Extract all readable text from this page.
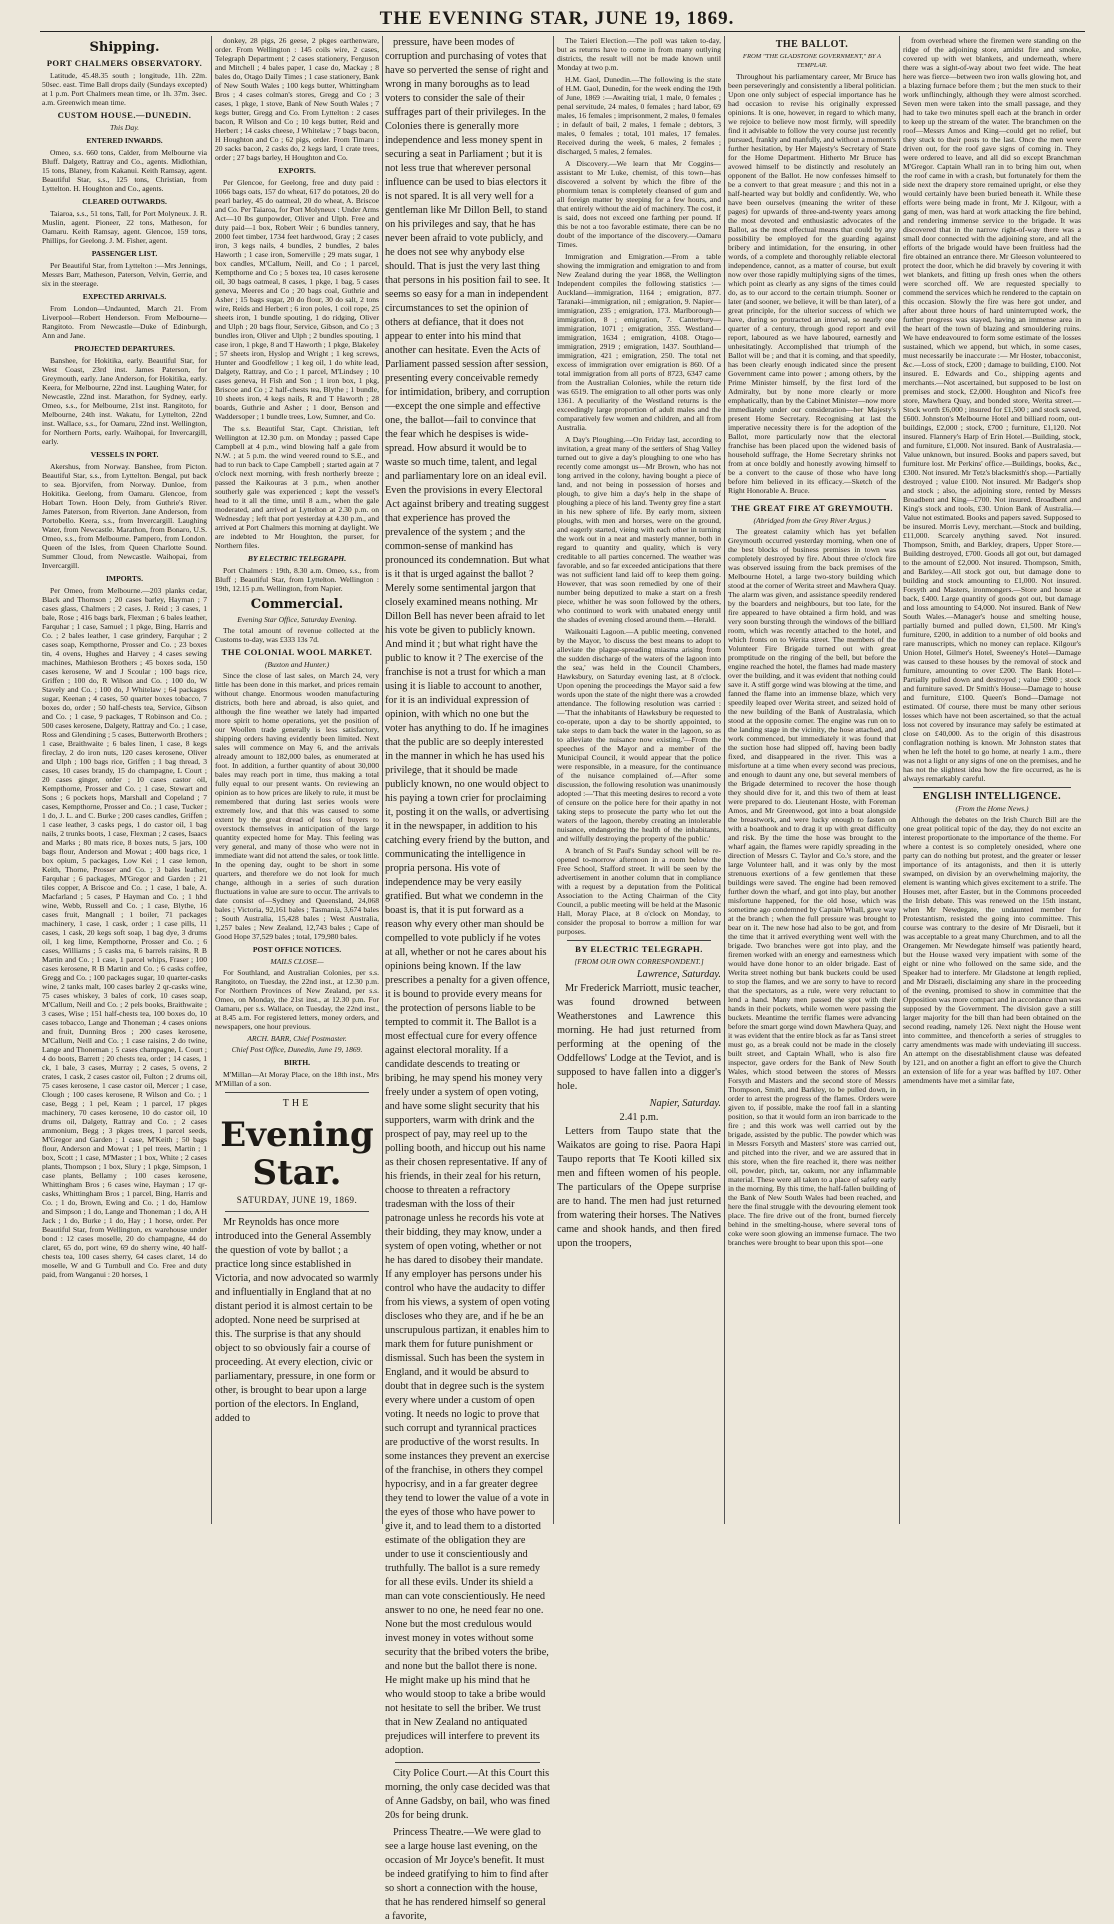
THE EVENING STAR, JUNE 19, 1869.
Shipping.
PORT CHALMERS OBSERVATORY.

Latitude, 45.48.35 south ; longitude, 11h. 22m. 50sec. east. Time Ball drops daily (Sundays excepted) at 1 p.m. Port Chalmers mean time, or 1h. 37m. 3sec. a.m. Greenwich mean time.

CUSTOM HOUSE.—DUNEDIN.
This Day.
ENTERED INWARDS.

Omeo, s.s. 660 tons, Calder, from Melbourne via Bluff. Dalgety, Rattray and Co., agents. Midlothian, 15 tons, Blaney, from Kakanui. Keith Ramsay, agent. Beautiful Star, s.s., 125 tons, Christian, from Lyttelton. H. Houghton and Co., agents.

CLEARED OUTWARDS.

Taiaroa, s.s., 51 tons, Tall, for Port Molyneux. J. R. Muslin, agent. Pioneer, 22 tons, Matheson, for Oamaru. Keith Ramsay, agent. Glencoe, 159 tons, Phillips, for Geelong. J. M. Fisher, agent.

PASSENGER LIST.

Per Beautiful Star, from Lyttelton :—Mrs Jennings, Messrs Barr, Matheson, Paterson, Velvin, Gerrie, and six in the steerage.

EXPECTED ARRIVALS.

From London—Undaunted, March 21. From Liverpool—Robert Henderson. From Melbourne—Rangitoto. From Newcastle—Duke of Edinburgh, Ann and Jane.

PROJECTED DEPARTURES.

Banshee, for Hokitika, early. Beautiful Star, for West Coast, 23rd inst. James Paterson, for Greymouth, early. Jane Anderson, for Hokitika, early. Keera, for Melbourne, 22nd inst. Laughing Water, for Newcastle, 22nd inst. Marathon, for Sydney, early. Omeo, s.s., for Melbourne, 21st inst. Rangitoto, for Melbourne, 24th inst. Wakatu, for Lyttelton, 22nd inst. Wallace, s.s., for Oamaru, 22nd inst. Wellington, for Northern Ports, early. Waihopai, for Invercargill, early.

VESSELS IN PORT.

Akershus, from Norway. Banshee, from Picton. Beautiful Star, s.s., from Lyttelton. Bengal, put back to sea. Bjorvifen, from Norway. Dunloe, from Hokitika. Geelong, from Oamaru. Glencoe, from Hobart Town. Hoon Dely, from Guthrie's River. James Paterson, from Riverton. Jane Anderson, from Portobello. Keera, s.s., from Invercargill. Laughing Water, from Newcastle. Marathon, from Bonaro, U.S. Omeo, s.s., from Melbourne. Pampero, from London. Queen of the Isles, from Queen Charlotte Sound. Summer Cloud, from Newcastle. Waihopai, from Invercargill.

IMPORTS.

Per Omeo, from Melbourne.—203 planks cedar, Black and Thomson ; 20 cases barley, Hayman ; 7 cases glass, Chalmers ; 2 cases, J. Reid ; 3 cases, 1 bale, Rose ; 416 bags bark, Flexman ; 6 bales leather, Farquhar ; 1 case, Samuel ; 1 pkge, Bing, Harris and Co. ; 2 bales leather, 1 case grindery, Farquhar ; 2 cases soap, Kempthorne, Prosser and Co. ; 23 boxes tin, 4 ovens, Hughes and Harvey ; 4 cases sewing machines, Mathieson Brothers ; 45 boxes soda, 150 cases kerosene, W and J Scoular ; 100 bags rice, Griffen ; 100 do, R Wilson and Co. ; 100 do, W Stavely and Co. ; 100 do, J Whitelaw ; 64 packages sugar, Keenan ; 4 cases, 50 quarter boxes tobacco, 7 boxes do, order ; 50 half-chests tea, Service, Gibson and Co. ; 1 case, 9 packages, T Robinson and Co. ; 500 cases kerosene, Dalgety, Rattray and Co. ; 1 case, Ross and Glendining ; 5 cases, Butterworth Brothers ; 1 case, Braithwaite ; 6 bales linen, 1 case, 8 kegs fireclay, 2 do iron nuts, 120 cases kerosene, Oliver and Ulph ; 100 bags rice, Griffen ; 1 bag thread, 3 cases, 10 cases brandy, 15 do champagne, L Court ; 20 cases ginger, order ; 10 cases castor oil, Kempthorne, Prosser and Co. ; 1 case, Stewart and Sons ; 6 pockets hops, Marshall and Copeland ; 7 cases, Kempthorne, Prosser and Co. ; 1 case, Tucker ; 1 do, J. L. and C. Burke ; 200 cases candles, Griffen ; 1 case leather, 3 casks pegs, 1 do castor oil, 1 bag nails, 2 trunks boots, 1 case, Flexman ; 2 cases, Isaacs and Marks ; 80 mats rice, 8 boxes nuts, 5 jars, 100 bags flour, Anderson and Mowat ; 400 bags rice, 1 box opium, 5 packages, Low Kei ; 1 case lemon, Keith, Thorne, Prosser and Co. ; 3 bales leather, Farquhar ; 6 packages, M'Gregor and Garden ; 21 tiles copper, A Briscoe and Co. ; 1 case, 1 bale, A. Macfarland ; 5 cases, P Hayman and Co. ; 1 hhd wine, Webb, Russell and Co. ; 1 case, Blythe, 16 cases fruit, Mangnall ; 1 boiler, 71 packages machinery, 1 case, 1 cask, order ; 1 case pills, 11 cases, 1 cask, 20 kegs soft soap, 1 bag dye, 3 drums oil, 1 keg lime, Kempthorne, Prosser and Co. ; 6 cases, Williams ; 5 casks ma, 6 barrels raisins, R B Martin and Co. ; 1 case, 1 parcel whips, Fraser ; 100 cases kerosene, R B Martin and Co. ; 6 casks coffee, Gregg and Co. ; 100 packages sugar, 10 quarter-casks wine, 2 tanks malt, 100 cases barley 2 qr-casks wine, 75 cases whiskey, 3 bales of cork, 10 cases soap, M'Callum, Neill and Co. ; 2 pels books, Braithwaite ; 3 cases, Wise ; 151 half-chests tea, 100 boxes do, 10 cases tobacco, Lange and Thoneman ; 4 cases onions and fruit, Dunning Bros ; 200 cases kerosene, M'Callum, Neill and Co. ; 1 case raisins, 2 do twine, Lange and Thoneman ; 5 cases champagne, L Court ; 4 do boots, Barrett ; 20 chests tea, order ; 14 cases, 1 ck, 1 bale, 3 cases, Murray ; 2 cases, 5 ovens, 2 crates, 1 cask, 2 cases castor oil, Fulton ; 2 drums oil, 75 cases kerosene, 1 case castor oil, Mercer ; 1 case, Clough ; 100 cases kerosene, R Wilson and Co. ; 1 case, Begg ; 1 pel, Keam ; 1 parcel, 17 pkges machinery, 70 cases kerosene, 10 do castor oil, 10 drums oil, Dalgety, Rattray and Co. ; 2 cases ammonium, Begg ; 3 pkges trees, 1 parcel seeds, M'Gregor and Garden ; 1 case, M'Keith ; 50 bags flour, Anderson and Mowat ; 1 pel trees, Martin ; 1 box, Scott ; 1 case, M'Master ; 1 box, White ; 2 cases plants, Thompson ; 1 box, Slury ; 1 pkge, Simpson, 1 case plants, Bellamy ; 100 cases kerosene, Whittingham Bros ; 6 cases wine, Hayman ; 17 qr-casks, Whittingham Bros ; 1 parcel, Bing, Harris and Co. ; 1 do, Brown, Ewing and Co. ; 1 do, Hamlow and Simpson ; 1 do, Lange and Thoneman ; 1 do, A H Jack ; 1 do, Burke ; 1 do, Hay ; 1 horse, order. Per Beautiful Star, from Wellington, ex warehouse under bond : 12 cases moselle, 20 do champagne, 44 do claret, 65 do, port wine, 69 do sherry wine, 40 half-chests tea, 100 cases sherry, 64 cases claret, 14 do moselle, W and G Turnbull and Co. Free and duty paid, from Wanganui : 20 horses, 1

donkey, 28 pigs, 26 geese, 2 pkges earthenware, order. From Wellington : 145 coils wire, 2 cases, Telegraph Department ; 2 cases stationery, Ferguson and Mitchell ; 4 bales paper, 1 case do, Mackay ; 8 bales do, Otago Daily Times ; 1 case stationery, Bank of New South Wales ; 100 kegs butter, Whittingham Bros ; 4 cases colman's stores, Gregg and Co ; 3 cases, 1 pkge, 1 stove, Bank of New South Wales ; 7 kegs butter, Gregg and Co. From Lyttelton : 2 cases bacon, R Wilson and Co ; 10 kegs butter, Reid and Herbert ; 14 casks cheese, J Whitelaw ; 7 bags bacon, H Houghton and Co ; 62 pigs, order. From Timaru : 20 sacks bacon, 2 casks do, 2 kegs lard, 1 crate trees, order ; 27 bags barley, H Houghton and Co.

EXPORTS.

Per Glencoe, for Geelong, free and duty paid : 1066 bags oats, 157 do wheat, 617 do potatoes, 20 do pearl barley, 45 do oatmeal, 20 do wheat, A. Briscoe and Co. Per Taiaroa, for Port Molyneux : Under Arms Act—10 lbs gunpowder, Oliver and Ulph. Free and duty paid—1 box, Robert Weir ; 6 bundles tannery, 2000 feet timber, 1734 feet hardwood, Gray ; 2 cases iron, 3 kegs nails, 4 bundles, 2 bundles, 2 bales Haworth ; 1 case iron, Somerville ; 29 mats sugar, 1 box candles, M'Callum, Neill, and Co ; 1 parcel, Kempthorne and Co ; 5 boxes tea, 10 cases kerosene oil, 30 bags oatmeal, 8 cases, 1 pkge, 1 bag, 5 cases geneva, Meeres and Co ; 20 bags coal, Guthrie and Asher ; 15 bags sugar, 20 do flour, 30 do salt, 2 tons wire, Reids and Herbert ; 6 iron poles, 1 coil rope, 25 sheets iron, 1 bundle spouting, 1 do ridging, Oliver and Ulph ; 20 bags flour, Service, Gibson, and Co ; 3 bundles iron, Oliver and Ulph ; 2 bundles spouting, 1 case iron, 1 pkge, 8 and T Haworth ; 1 pkge, Blakeley ; 57 sheets iron, Hyslop and Wright ; 1 keg screws, Hunter and Goodfellow ; 1 keg oil, 1 do white lead, Dalgety, Rattray, and Co ; 1 parcel, M'Lindsey ; 10 cases geneva, H Fish and Son ; 1 iron box, 1 pkg, Briscoe and Co ; 2 half-chests tea, Blythe ; 1 bundle, 10 sheets iron, 4 kegs nails, R and T Haworth ; 28 boards, Guthrie and Asher ; 1 door, Benson and Waddersoper ; 1 bundle trees, Low, Sumner, and Co.

The s.s. Beautiful Star, Capt. Christian, left Wellington at 12.30 p.m. on Monday ; passed Cape Campbell at 4 p.m., wind blowing half a gale from N.W. ; at 5 p.m. the wind veered round to S.E., and had to run back to Cape Campbell ; started again at 7 o'clock next morning, with fresh northerly breeze ; passed the Kaikouras at 3 p.m., when another southerly gale was experienced ; kept the vessel's head to it all the time, until 8 a.m., when the gale moderated, and arrived at Lyttelton at 2.30 p.m. on Wednesday ; left that port yesterday at 4.30 p.m., and arrived at Port Chalmers this morning at daylight. We are indebted to Mr Houghton, the purser, for Northern files.

BY ELECTRIC TELEGRAPH.

Port Chalmers : 19th, 8.30 a.m. Omeo, s.s., from Bluff ; Beautiful Star, from Lyttelton. Wellington : 19th, 12.15 p.m. Wellington, from Napier.

Commercial.
Evening Star Office, Saturday Evening.

The total amount of revenue collected at the Customs to-day, was £333 13s 7d.

THE COLONIAL WOOL MARKET.
(Buxton and Hunter.)

Since the close of last sales, on March 24, very little has been done in this market, and prices remain without change. Enormous wooden manufacturing districts, both here and abroad, is also quiet, and although the fine weather we lately had imparted more spirit to home operations, yet the position of our Woollen trade generally is less satisfactory, shipping orders having evidently been limited. Next sales will commence on May 6, and the arrivals already amount to 182,000 bales, as enumerated at foot. In addition, a further quantity of about 30,000 bales may reach port in time, thus making a total fully equal to our present wants. On reviewing an opinion as to how prices are likely to rule, it must be remembered that during last series wools were extremely low, and that this was caused to some extent by the great dread of loss of buyers to overstock themselves in anticipation of the large quantity expected home for May. This feeling was very general, and many of those who were not in immediate want did not attend the sales, or took little. In the opening day, ought to be short in some quarters, and therefore we do not look for much change, although in a series of such duration fluctuations in value are sure to occur. The arrivals to date consist of—Sydney and Queensland, 24,068 bales ; Victoria, 92,161 bales ; Tasmania, 3,674 bales ; South Australia, 15,428 bales ; West Australia, 1,257 bales ; New Zealand, 12,743 bales ; Cape of Good Hope 37,529 bales ; total, 179,980 bales.

POST OFFICE NOTICES.
MAILS CLOSE—

For Southland, and Australian Colonies, per s.s. Rangitoto, on Tuesday, the 22nd inst., at 12.30 p.m. For Northern Provinces of New Zealand, per s.s. Omeo, on Monday, the 21st inst., at 12.30 p.m. For Oamaru, per s.s. Wallace, on Tuesday, the 22nd inst., at 8.45 a.m. For registered letters, money orders, and newspapers, one hour previous.

ARCH. BARR, Chief Postmaster.
Chief Post Office, Dunedin, June 19, 1869.
BIRTH.

M'Millan—At Moray Place, on the 18th inst., Mrs M'Millan of a son.

THE
Evening Star.
SATURDAY, JUNE 19, 1869.

Mr Reynolds has once more introduced into the General Assembly the question of vote by ballot ; a practice long since established in Victoria, and now advocated so warmly and influentially in England that at no distant period it is almost certain to be adopted. None need be surprised at this. The surprise is that any should object to so obviously fair a course of proceeding. At every election, civic or parliamentary, pressure, in one form or other, is brought to bear upon a large portion of the electors. In England, added to

pressure, have been modes of corruption and purchasing of votes that have so perverted the sense of right and wrong in many boroughs as to lead voters to consider the sale of their suffrages part of their privileges. In the Colonies there is generally more independence and less money spent in securing a seat in Parliament ; but it is not less true that wherever personal influence can be used to bias electors it is not spared. It is all very well for a gentleman like Mr Dillon Bell, to stand on his privileges and say, that he has never been afraid to vote publicly, and he does not see why anybody else should. That is just the very last thing that persons in his position fail to see. It seems so easy for a man in independent circumstances to set the opinion of others at defiance, that it does not appear to enter into his mind that another can hesitate. Even the Acts of Parliament passed session after session, presenting every conceivable remedy for intimidation, bribery, and corruption—except the one simple and effective one, the ballot—fail to convince that the fear which he despises is wide-spread. How absurd it would be to waste so much time, talent, and legal and parliamentary lore on an ideal evil. Even the provisions in every Electoral Act against bribery and treating suggest that experience has proved the prevalence of the system ; and the common-sense of mankind has pronounced its condemnation. But what is it that is urged against the ballot ? Merely some sentimental jargon that closely examined means nothing. Mr Dillon Bell has never been afraid to let his vote be given to publicly known. And mind it ; but what right have the public to know it ? The exercise of the franchise is not a trust for which a man using it is liable to account to another, for it is an individual expression of opinion, with which no one but the voter has anything to do. If he imagines that the public are so deeply interested in the manner in which he has used his privilege, that it should be made publicly known, no one would object to his paying a town crier for proclaiming it, posting it on the walls, or advertising it in the newspaper, in addition to his catching every friend by the button, and communicating the intelligence in propria persona. His vote of independence may be very easily gratified. But what we condemn in the boast is, that it is put forward as a reason why every other man should be compelled to vote publicly if he votes at all, whether or not he cares about his opinions being known. If the law prescribes a penalty for a given offence, it is bound to provide every means for the protection of persons liable to be tempted to commit it. The Ballot is a most effectual cure for every offence against electoral morality. If a candidate descends to treating or bribing, he may spend his money very freely under a system of open voting, and have some slight security that his supporters, warm with drink and the prospect of pay, may reel up to the polling booth, and hiccup out his name as their chosen representative. If any of his friends, in their zeal for his return, choose to threaten a refractory tradesman with the loss of their patronage unless he records his vote at their bidding, they may know, under a system of open voting, whether or not he has dared to disobey their mandate. If any employer has persons under his control who have the audacity to differ from his views, a system of open voting discloses who they are, and if he be an unscrupulous partizan, it enables him to mark them for future punishment or dismissal. Such has been the system in England, and it would be absurd to doubt that in degree such is the system every where under a custom of open voting. It needs no logic to prove that such corrupt and tyrannical practices are productive of the worst results. In some instances they prevent an exercise of the franchise, in others they compel hypocrisy, and in a far greater degree they tend to lower the value of a vote in the eyes of those who have power to give it, and to lead them to a distorted estimate of the obligation they are under to use it conscientiously and truthfully. The ballot is a sure remedy for all these evils. Under its shield a man can vote conscientiously. He need answer to no one, he need fear no one. None but the most credulous would invest money in votes without some security that the bribed voters the bribe, and none but the ballot there is none. He might make up his mind that he who would stoop to take a bribe would not hesitate to sell the briber. We trust that in New Zealand no antiquated prejudices will interfere to prevent its adoption.

City Police Court.—At this Court this morning, the only case decided was that of Anne Gadsby, on bail, who was fined 20s for being drunk.

Princess Theatre.—We were glad to see a large house last evening, on the occasion of Mr Joyce's benefit. It must be indeed gratifying to him to find after so short a connection with the house, that he has rendered himself so general a favorite,

The Taieri Election.—The poll was taken to-day, but as returns have to come in from many outlying districts, the result will not be made known until Monday at two p.m.

H.M. Gaol, Dunedin.—The following is the state of H.M. Gaol, Dunedin, for the week ending the 19th of June, 1869 :—Awaiting trial, 1 male, 0 females ; penal servitude, 24 males, 0 females ; hard labor, 69 males, 16 females ; imprisonment, 2 males, 0 females ; in default of bail, 2 males, 1 female ; debtors, 3 males, 0 females ; total, 101 males, 17 females. Received during the week, 6 males, 2 females ; discharged, 5 males, 2 females.

A Discovery.—We learn that Mr Coggins—assistant to Mr Luke, chemist, of this town—has discovered a solvent by which the fibre of the phormium tenax is completely cleansed of gum and all foreign matter by steeping for a few hours, and that entirely without the aid of machinery. The cost, it is said, does not exceed one farthing per pound. If this be not a too favorable estimate, there can be no doubt of the importance of the discovery.—Oamaru Times.

Immigration and Emigration.—From a table showing the immigration and emigration to and from New Zealand during the year 1868, the Wellington Independent compiles the following statistics :—Auckland—immigration, 1164 ; emigration, 877. Taranaki—immigration, nil ; emigration, 9. Napier—immigration, 235 ; emigration, 173. Marlborough—immigration, 8 ; emigration, 7. Canterbury—immigration, 1071 ; emigration, 355. Westland—immigration, 1634 ; emigration, 4108. Otago—immigration, 2919 ; emigration, 1437. Southland—immigration, 421 ; emigration, 250. The total net excess of immigration over emigration is 860. Of a total immigration from all ports of 8723, 6347 came from the Australian Colonies, while the return tide was 6519. The emigration to all other ports was only 1361. A peculiarity of the Westland returns is the exceedingly large proportion of adult males and the comparatively few women and children, and all from Australia.

A Day's Ploughing.—On Friday last, according to invitation, a great many of the settlers of Shag Valley turned out to give a day's ploughing to one who has recently come amongst us—Mr Brown, who has not long arrived in the colony, having bought a piece of land, and not being in possession of horses and plough, to give him a day's help in the shape of ploughing a piece of his land. Twenty grey fine a start in his new sphere of life. By early morn, sixteen ploughs, with men and horses, were on the ground, and eagerly started, vieing with each other in turning the work out in a neat and masterly manner, both in regard to quantity and quality, which is very creditable to all parties concerned. The weather was favorable, and so far exceeded anticipations that there was not sufficient land laid off to keep them going. However, that was soon remedied by one of their number being deputized to make a start on a fresh piece, whither he was soon followed by the others, who continued to work with unabated energy until the shades of evening closed around them.—Herald.

Waikouaiti Lagoon.—A public meeting, convened by the Mayor, 'to discuss the best means to adopt to alleviate the plague-spreading miasma arising from the sudden discharge of the waters of the lagoon into the sea,' was held in the Council Chambers, Hawksbury, on Saturday evening last, at 8 o'clock. Upon opening the proceedings the Mayor said a few words upon the state of the night there was a crowded attendance. The following resolution was carried :—'That the inhabitants of Hawksbury be requested to co-operate, upon a day to be shortly appointed, to take steps to dam back the water in the lagoon, so as to alleviate the nuisance now existing.'—From the speeches of the Mayor and a member of the Municipal Council, it would appear that the police were responsible, in a measure, for the continuance of the nuisance complained of.—After some discussion, the following resolution was unanimously adopted :—'That this meeting desires to record a vote of censure on the police here for their apathy in not taking steps to prosecute the party who let out the waters of the lagoon, thereby creating an intolerable nuisance, endangering the health of the inhabitants, and wilfully destroying the property of the public.'

A branch of St Paul's Sunday school will be re-opened to-morrow afternoon in a room below the Free School, Stafford street. It will be seen by the advertisement in another column that in compliance with a request by a deputation from the Political Association to the Acting Chairman of the City Council, a public meeting will be held at the Masonic Hall, Moray Place, at 8 o'clock on Monday, to consider the proposal to borrow a million for war purposes.

BY ELECTRIC TELEGRAPH.
[FROM OUR OWN CORRESPONDENT.]
Lawrence, Saturday.

Mr Frederick Marriott, music teacher, was found drowned between Weatherstones and Lawrence this morning. He had just returned from performing at the opening of the Oddfellows' Lodge at the Teviot, and is supposed to have fallen into a digger's hole.

Napier, Saturday.
2.41 p.m.

Letters from Taupo state that the Waikatos are going to rise. Paora Hapi Taupo reports that Te Kooti killed six men and fifteen women of his people. The particulars of the Opepe surprise are to hand. The men had just returned from watering their horses. The Natives came and shook hands, and then fired upon the troopers,

THE BALLOT.
FROM "THE GLADSTONE GOVERNMENT," BY A TEMPLAR.

Throughout his parliamentary career, Mr Bruce has been perseveringly and consistently a liberal politician. Upon one only subject of especial importance has he had occasion to revise his originally expressed opinions. It is one, however, in regard to which many, we rejoice to believe now most firmly, will speedily find it advisable to follow the very course just recently pursued, frankly and manfully, and without a moment's further hesitation, by Her Majesty's Secretary of State for the Home Department. Hitherto Mr Bruce has avowed himself to be distinctly and resolutely an opponent of the Ballot. He now confesses himself to be a convert to that great measure ; and this not in a half-hearted way but boldly and confidently. We, who have been ourselves (meaning the writer of these pages) for upwards of three-and-twenty years among the most devoted and enthusiastic advocates of the Ballot, as the most effectual means that could by any possibility be employed for the guarding against bribery and intimidation, for the ensuring, in other words, of a complete and thoroughly reliable electoral independence, cannot, as a matter of course, but exult now over those rapidly multiplying signs of the times, which point as clearly as any signs of the times could do, as to our accord to the certain triumph. Sooner or later (and sooner, we believe, it will be than later), of a great principle, for the ulterior success of which we have, during so protracted an interval, so nearly one quarter of a century, through good report and evil report, laboured as we have laboured, earnestly and unhesitatingly. Accomplished that triumph of the Ballot will be ; and that it is coming, and that speedily, has been clearly enough indicated since the present Government came into power ; among others, by the Prime Minister himself, by the first lord of the Admiralty, but by none more clearly or more emphatically, than by the Cabinet Minister—now more immediately under our consideration—her Majesty's present Home Secretary. Recognising at last the imperative necessity there is for the adoption of the Ballot, more particularly now that the electoral franchise has been placed upon the widened basis of household suffrage, the Home Secretary shrinks not from at once boldly and honestly avowing himself to be a convert to the cause of those who have long before him believed in its efficacy.—Sketch of the Right Honorable A. Bruce.

THE GREAT FIRE AT GREYMOUTH.
(Abridged from the Grey River Argus.)

The greatest calamity which has yet befallen Greymouth occurred yesterday morning, when one of the best blocks of business premises in town was completely destroyed by fire. About three o'clock fire was observed issuing from the back premises of the Melbourne Hotel, a large two-story building which stood at the corner of Werita street and Mawhera Quay. The alarm was given, and assistance speedily rendered by the boarders and neighbours, but too late, for the fire appeared to have obtained a firm hold, and was very soon bursting through the windows of the billiard room, which was recently attached to the hotel, and which fronts on to Werita street. The members of the Volunteer Fire Brigade turned out with great promptitude on the ringing of the bell, but before the engine reached the hotel, the flames had made mastery over the building, and it was evident that nothing could save it. A stiff gorge wind was blowing at the time, and fanned the flame into an immense blaze, which very speedily leaped over Werita street, and seized hold of the new building of the Bank of Australasia, which stood at the opposite corner. The engine was run on to the landing stage in the vicinity, the hose attached, and work commenced, but immediately it was found that the suction hose had slipped off, having been badly fixed, and disappeared in the river. This was a misfortune at a time when every second was precious, and enough to daunt any one, but several members of the Brigade determined to recover the hose though they should dive for it, and this two of them at least were prepared to do. Lieutenant Hoste, with Foreman Amos, and Mr Greenwood, got into a boat alongside the breastwork, and were lucky enough to fasten on with a boathook and to drag it up with great difficulty and risk. By the time the hose was brought to the wharf again, the flames were rapidly spreading in the direction of Messrs C. Taylor and Co.'s store, and the large Volunteer hall, and it was only by the most strenuous exertions of a few gentlemen that these buildings were saved. The engine had been removed further down the wharf, and got into play, but another misfortune happened, for the old hose, which was sometime ago condemned by Captain Whall, gave way at the branch ; when the full pressure was brought to bear on it. The new hose had also to be got, and from the time that it arrived everything went well with the brigade. Two branches were got into play, and the firemen worked with an energy and earnestness which would have done honor to an older brigade. East of Werita street nothing but bank buckets could be used to stop the flames, and we are sorry to have to record that the spectators, as a rule, were very reluctant to lend a hand. Many men passed the spot with their hands in their pockets, while women were passing the buckets. Meantime the terrific flames were advancing before the smart gorge wind down Mawhera Quay, and it was evident that the entire block as far as Tansi street must go, as a break could not be made in the closely built street, and Captain Whall, who is also fire inspector, gave orders for the Bank of New South Wales, which stood between the stores of Messrs Forsyth and Masters and the second store of Messrs Thompson, Smith, and Barkley, to be pulled down, in order to arrest the progress of the flames. Orders were given to, if possible, make the roof fall in a slanting position, so that it would form an iron barricade to the fire ; and this work was well carried out by the brigade, assisted by the public. The powder which was in Messrs Forsyth and Masters' store was carried out, and pitched into the river, and we are assured that in this store, when the fire reached it, there was neither oil, powder, pitch, tar, oakum, nor any inflammable material. These were all taken to a place of safety early in the morning. By this time, the half-fallen building of the Bank of New South Wales had been reached, and here the final struggle with the devouring element took place. The fire drive out of the front, burned fiercely behind in the smelting-house, where several tons of coke were soon glowing an immense furnace. The two branches were brought to bear upon this spot—one

from overhead where the firemen were standing on the ridge of the adjoining store, amidst fire and smoke, covered up with wet blankets, and underneath, where there was a sight-of-way about two feet wide. The heat here was fierce—between two iron walls glowing hot, and a blazing furnace before them ; but the men stuck to their work unflinchingly, although they were almost scorched. Seven men were taken into the small passage, and they had to take two minutes spell each at the branch in order to keep up the stream of the water. The branchmen on the roof—Messrs Amos and King—could get no relief, but they stuck to their posts to the last. Once the men were driven out, for the roof gave signs of coming in. They were ordered to leave, and all did so except Branchman M'Gregor. Captain Whall ran in to bring him out, when the roof came in with a crash, but fortunately for them the side next the drapery store remained upright, or else they would certainly have been buried beneath it. While these efforts were being made in front, Mr J. Kilgour, with a gang of men, was hard at work attacking the fire behind, and rendering immense service to the brigade. It was discovered that in the narrow right-of-way there was a small door connected with the adjoining store, and all the efforts of the brigade would have been fruitless had the fire obtained an entrance there. Mr Gleeson volunteered to protect the door, which he did bravely by covering it with wet blankets, and fitting up fresh ones when the others were scorched off. We are requested specially to commend the services which he rendered to the captain on this occasion. Slowly the fire was here got under, and after about three hours of hard uninterrupted work, the further progress was stayed, having an immense area in the heart of the town of blazing and smouldering ruins. We have endeavoured to form some estimate of the losses sustained, which we append, but which, in some cases, must necessarily be inaccurate :— Mr Hoster, tobacconist, &c.—Loss of stock, £200 ; damage to building, £100. Not insured. E. Edwards and Co., shipping agents and merchants.—Not ascertained, but supposed to be lost on premises and stock, £2,000. Houghton and Nicol's free store, Mawhera Quay, and bonded store, Werita street.—Stock worth £6,000 ; insured for £1,500 ; and stock saved, £600. Johnston's Melbourne Hotel and billiard room, out-buildings, £2,000 ; stock, £700 ; furniture, £1,120. Not insured. Flannery's Harp of Erin Hotel.—Building, stock, and furniture, £1,000. Not insured. Bank of Australasia.—Value unknown, but insured. Books and papers saved, but furniture lost. Mr Perkins' office.—Buildings, books, &c., £300. Not insured. Mr Tetz's blacksmith's shop.—Partially destroyed ; value £100. Not insured. Mr Badger's shop and stock ; also, the adjoining store, rented by Messrs Broadbent and King—£700. Not insured. Broadbent and King's stock and tools, £30. Union Bank of Australia.—Value not estimated. Books and papers saved. Supposed to be insured. Morris Levy, merchant.—Stock and building, £11,000. Scarcely anything saved. Not insured. Thompson, Smith, and Barkley, drapers, Upper Store.—Building destroyed, £700. Goods all got out, but damaged to the amount of £2,000. Not insured. Thompson, Smith, and Barkley.—All stock got out, but damage done to building and stock amounting to £1,000. Not insured. Forsyth and Masters, ironmongers.—Store and house at back, £400. Large quantity of goods got out, but damage and loss amounting to £4,000. Not insured. Bank of New South Wales.—Manager's house and smelting house, partially burned and pulled down, £1,500. Mr King's furniture, £200, in addition to a number of old books and rare manuscripts, which no money can replace. Kilgour's Union Hotel, Gilmer's Hotel, Sweeney's Hotel—Damage was caused to these houses by the removal of stock and furniture, amounting to over £200. The Bank Hotel—Partially pulled down and destroyed ; value £900 ; stock and furniture saved. Dr Smith's House—Damage to house and furniture, £100. Queen's Bond—Damage not estimated. Of course, there must be many other serious losses which have not been ascertained, so that the actual loss not covered by insurance may safely be estimated at close on £40,000. As to the origin of this disastrous conflagration nothing is known. Mr Johnston states that when he left the hotel to go home, at nearly 1 a.m., there was not a light or any signs of one on the premises, and he has not the slightest idea how the fire occurred, as he is always remarkably careful.

ENGLISH INTELLIGENCE.
(From the Home News.)

Although the debates on the Irish Church Bill are the one great political topic of the day, they do not excite an interest proportionate to the importance of the theme. For where a contest is so completely onesided, where one party can do nothing but protest, and the greater or lesser importance of its antagonists, and then it is utterly swamped, on division by an overwhelming majority, the element is wanting which gives excitement to a strife. The Houses met, after Easter, but in the Commons proceeded the Irish debate. This was renewed on the 15th instant, when Mr Newdegate, the undaunted member for Protestantism, resisted the going into committee. This course was contrary to the desire of Mr Disraeli, but it was acceptable to a great many Churchmen, and to all the Orangemen. Mr Newdegate himself was patiently heard, but the House waxed very impatient with some of the eight or nine who followed on the same side, and the Speaker had to interfere. Mr Gladstone at length replied, and Mr Disraeli, disclaiming any share in the proceeding of the evening, promised to show in committee that the Opposition was more compact and in accordance than was supposed by the Government. The division gave a still larger majority for the bill than had been obtained on the second reading, namely 126. Next night the House went into committee, and thenceforth a series of struggles to carry amendments was made with undeviating ill success. An attempt on the disestablishment clause was defeated by 121, and on another a fight an effort to give the Church an extension of life for a year was baffled by 107. Other amendments have met a similar fate,
